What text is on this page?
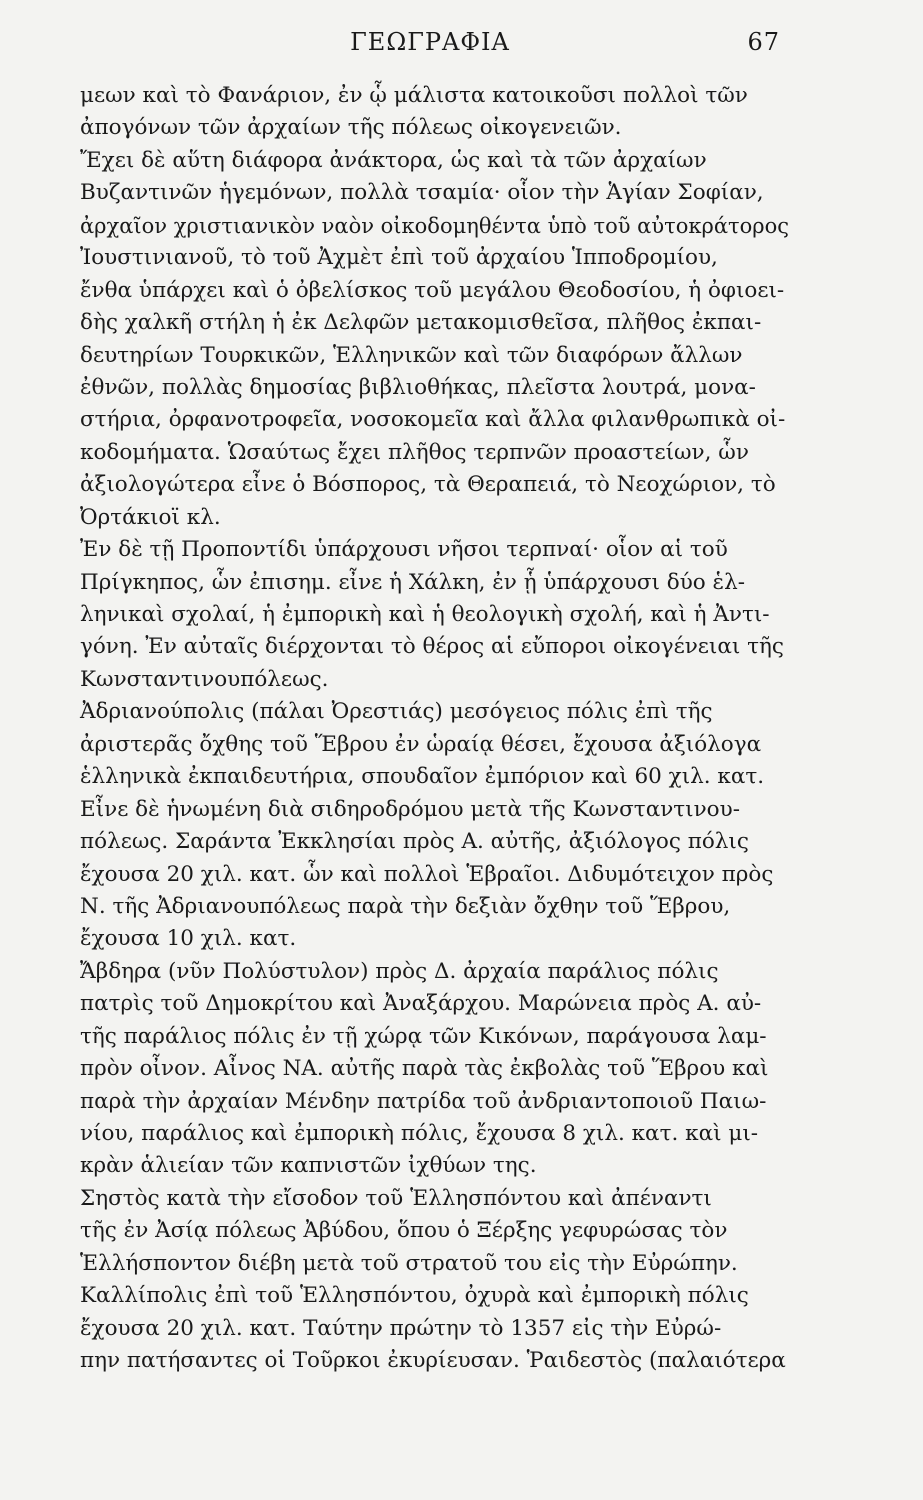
ΓΕΩΓΡΑΦΙΑ	67
μεων καὶ τὸ Φανάριον, ἐν ᾧ μάλιστα κατοικοῦσι πολλοὶ τῶν
ἀπογόνων τῶν ἀρχαίων τῆς πόλεως οἰκογενειῶν.
Ἔχει δὲ αὕτη διάφορα ἀνάκτορα, ὡς καὶ τὰ τῶν ἀρχαίων
Βυζαντινῶν ἡγεμόνων, πολλὰ τσαμία· οἷον τὴν Ἁγίαν Σοφίαν,
ἀρχαῖον χριστιανικὸν ναὸν οἰκοδομηθέντα ὑπὸ τοῦ αὐτοκράτορος
Ἰουστινιανοῦ, τὸ τοῦ Ἀχμὲτ ἐπὶ τοῦ ἀρχαίου Ἱπποδρομίου,
ἔνθα ὑπάρχει καὶ ὁ ὀβελίσκος τοῦ μεγάλου Θεοδοσίου, ἡ ὀφιοει-
δὴς χαλκῆ στήλη ἡ ἐκ Δελφῶν μετακομισθεῖσα, πλῆθος ἐκπαι-
δευτηρίων Τουρκικῶν, Ἑλληνικῶν καὶ τῶν διαφόρων ἄλλων
ἐθνῶν, πολλὰς δημοσίας βιβλιοθήκας, πλεῖστα λουτρά, μονα-
στήρια, ὀρφανοτροφεῖα, νοσοκομεῖα καὶ ἄλλα φιλανθρωπικὰ οἰ-
κοδομήματα. Ὡσαύτως ἔχει πλῆθος τερπνῶν προαστείων, ὧν
ἀξιολογώτερα εἶνε ὁ Βόσπορος, τὰ Θεραπειά, τὸ Νεοχώριον, τὸ
Ὀρτάκιοϊ κλ.
Ἐν δὲ τῇ Προποντίδι ὑπάρχουσι νῆσοι τερπναί· οἷον αἱ τοῦ
Πρίγκηπος, ὧν ἐπισημ. εἶνε ἡ Χάλκη, ἐν ᾗ ὑπάρχουσι δύο ἑλ-
ληνικαὶ σχολαί, ἡ ἐμπορικὴ καὶ ἡ θεολογικὴ σχολή, καὶ ἡ Ἀντι-
γόνη. Ἐν αὐταῖς διέρχονται τὸ θέρος αἱ εὔποροι οἰκογένειαι τῆς
Κωνσταντινουπόλεως.
Ἀδριανούπολις (πάλαι Ὀρεστιάς) μεσόγειος πόλις ἐπὶ τῆς
ἀριστερᾶς ὄχθης τοῦ Ἕβρου ἐν ὡραίᾳ θέσει, ἔχουσα ἀξιόλογα
ἑλληνικὰ ἐκπαιδευτήρια, σπουδαῖον ἐμπόριον καὶ 60 χιλ. κατ.
Εἶνε δὲ ἡνωμένη διὰ σιδηροδρόμου μετὰ τῆς Κωνσταντινου-
πόλεως. Σαράντα Ἐκκλησίαι πρὸς Α. αὐτῆς, ἀξιόλογος πόλις
ἔχουσα 20 χιλ. κατ. ὧν καὶ πολλοὶ Ἑβραῖοι. Διδυμότειχον πρὸς
Ν. τῆς Ἀδριανουπόλεως παρὰ τὴν δεξιὰν ὄχθην τοῦ Ἕβρου,
ἔχουσα 10 χιλ. κατ.
Ἄβδηρα (νῦν Πολύστυλον) πρὸς Δ. ἀρχαία παράλιος πόλις
πατρὶς τοῦ Δημοκρίτου καὶ Ἀναξάρχου. Μαρώνεια πρὸς Α. αὐ-
τῆς παράλιος πόλις ἐν τῇ χώρᾳ τῶν Κικόνων, παράγουσα λαμ-
πρὸν οἶνον. Αἶνος ΝΑ. αὐτῆς παρὰ τὰς ἐκβολὰς τοῦ Ἕβρου καὶ
παρὰ τὴν ἀρχαίαν Μένδην πατρίδα τοῦ ἀνδριαντοποιοῦ Παιω-
νίου, παράλιος καὶ ἐμπορικὴ πόλις, ἔχουσα 8 χιλ. κατ. καὶ μι-
κρὰν ἁλιείαν τῶν καπνιστῶν ἰχθύων της.
Σηστὸς κατὰ τὴν εἴσοδον τοῦ Ἑλλησπόντου καὶ ἀπέναντι
τῆς ἐν Ἀσίᾳ πόλεως Ἀβύδου, ὅπου ὁ Ξέρξης γεφυρώσας τὸν
Ἑλλήσποντον διέβη μετὰ τοῦ στρατοῦ του εἰς τὴν Εὐρώπην.
Καλλίπολις ἐπὶ τοῦ Ἑλλησπόντου, ὀχυρὰ καὶ ἐμπορικὴ πόλις
ἔχουσα 20 χιλ. κατ. Ταύτην πρώτην τὸ 1357 εἰς τὴν Εὐρώ-
πην πατήσαντες οἱ Τοῦρκοι ἐκυρίευσαν. Ῥαιδεστὸς (παλαιότερα
